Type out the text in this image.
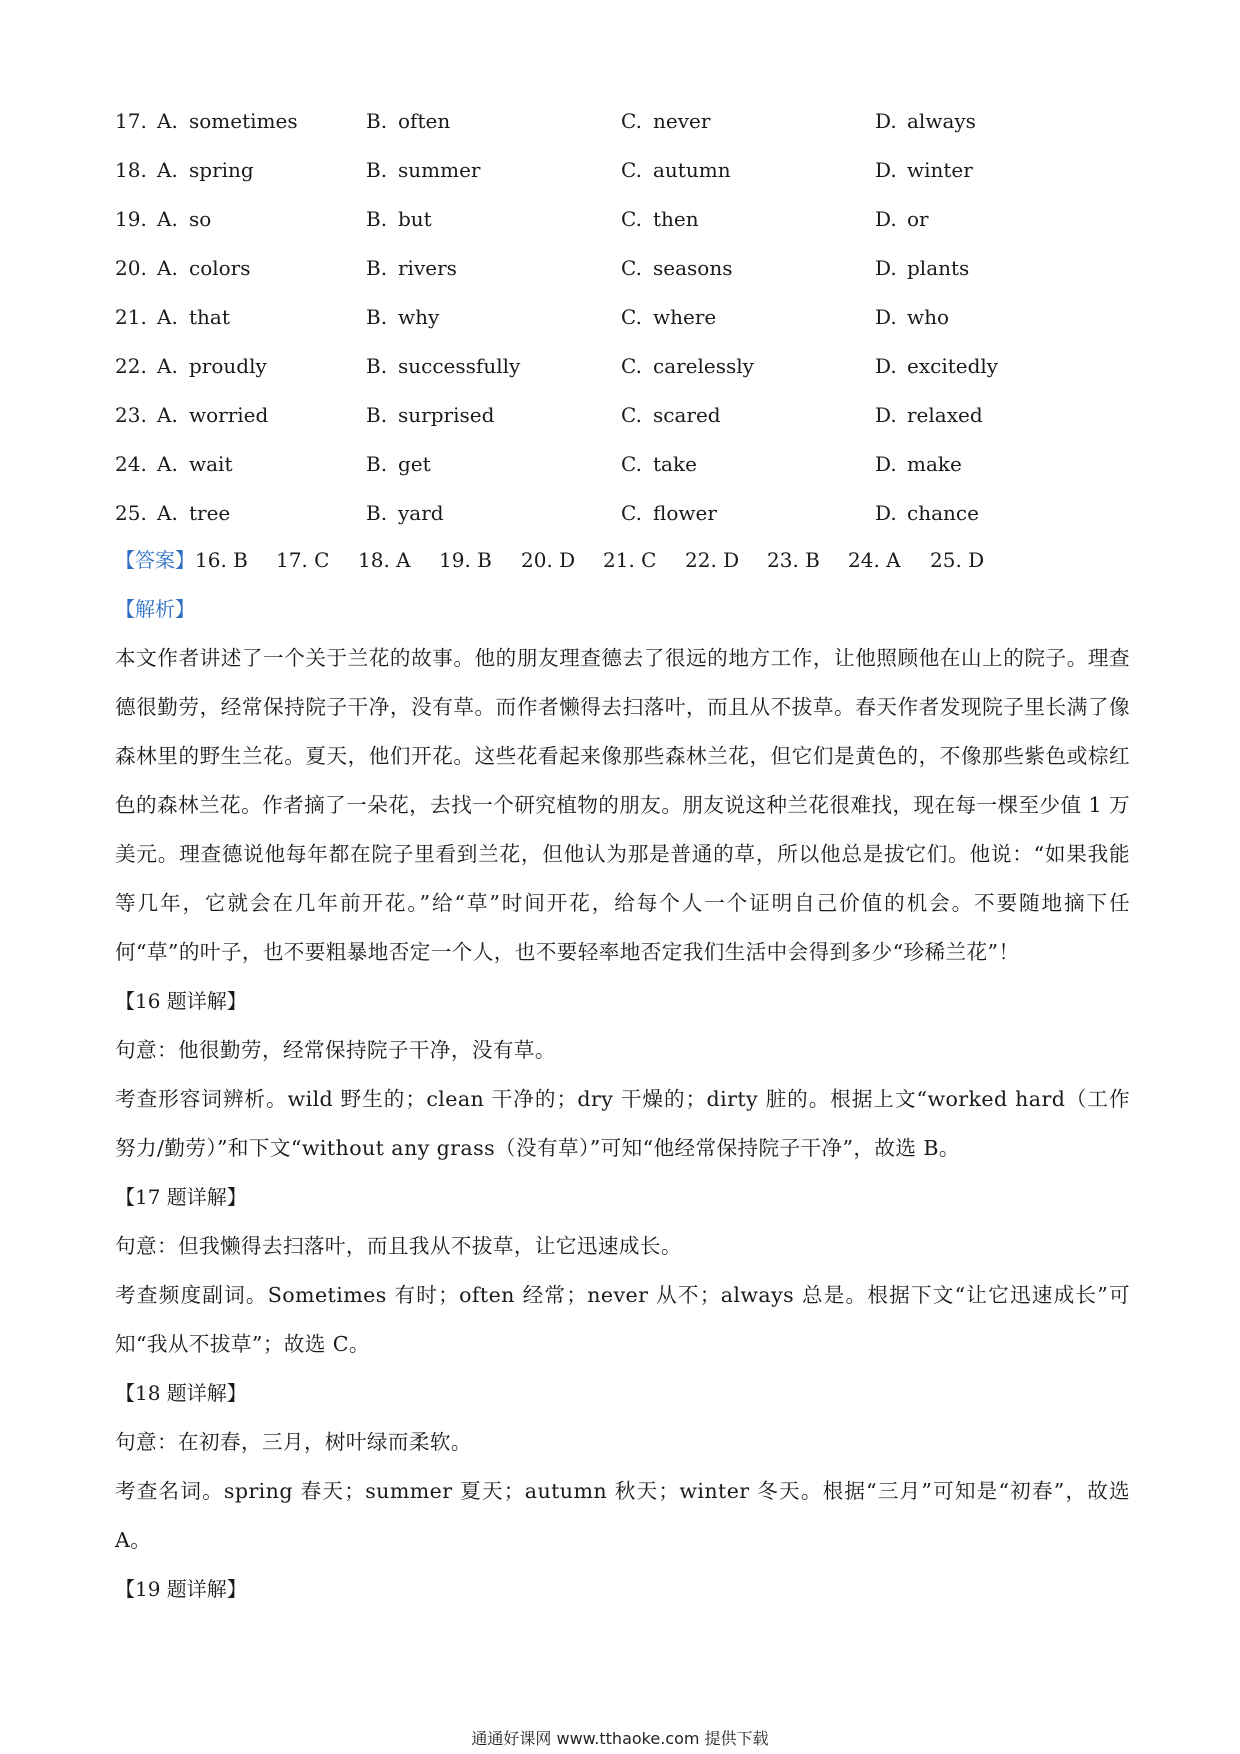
17. A. sometimes	B. often	C. never	D. always
18. A. spring	B. summer	C. autumn	D. winter
19. A. so	B. but	C. then	D. or
20. A. colors	B. rivers	C. seasons	D. plants
21. A. that	B. why	C. where	D. who
22. A. proudly	B. successfully	C. carelessly	D. excitedly
23. A. worried	B. surprised	C. scared	D. relaxed
24. A. wait	B. get	C. take	D. make
25. A. tree	B. yard	C. flower	D. chance
【答案】 16. B 17. C 18. A 19. B 20. D 21. C 22. D 23. B 24. A 25. D
【解析】
本文作者讲述了一个关于兰花的故事。他的朋友理查德去了很远的地方工作，让他照顾他在山上的院子。理查德很勤劳，经常保持院子干净，没有草。而作者懒得去扫落叶，而且从不拔草。春天作者发现院子里长满了像森林里的野生兰花。夏天，他们开花。这些花看起来像那些森林兰花，但它们是黄色的，不像那些紫色或棕红色的森林兰花。作者摘了一朵花，去找一个研究植物的朋友。朋友说这种兰花很难找，现在每一棵至少值 1 万美元。理查德说他每年都在院子里看到兰花，但他认为那是普通的草，所以他总是拔它们。他说：“如果我能等几年，它就会在几年前开花。”给“草”时间开花，给每个人一个证明自己价值的机会。不要随地摘下任何“草”的叶子，也不要粗暴地否定一个人，也不要轻率地否定我们生活中会得到多少“珍稀兰花”！
【16 题详解】
句意：他很勤劳，经常保持院子干净，没有草。
考查形容词辨析。wild 野生的；clean 干净的；dry 干燥的；dirty 脏的。根据上文“worked hard（工作努力/勤劳）”和下文“without any grass（没有草）”可知“他经常保持院子干净”，故选 B。
【17 题详解】
句意：但我懒得去扫落叶，而且我从不拔草，让它迅速成长。
考查频度副词。Sometimes 有时；often 经常；never 从不；always 总是。根据下文“让它迅速成长”可知“我从不拔草”；故选 C。
【18 题详解】
句意：在初春，三月，树叶绿而柔软。
考查名词。spring 春天；summer 夏天；autumn 秋天；winter 冬天。根据“三月”可知是“初春”，故选 A。
【19 题详解】
通通好课网 www.tthaoke.com 提供下载
